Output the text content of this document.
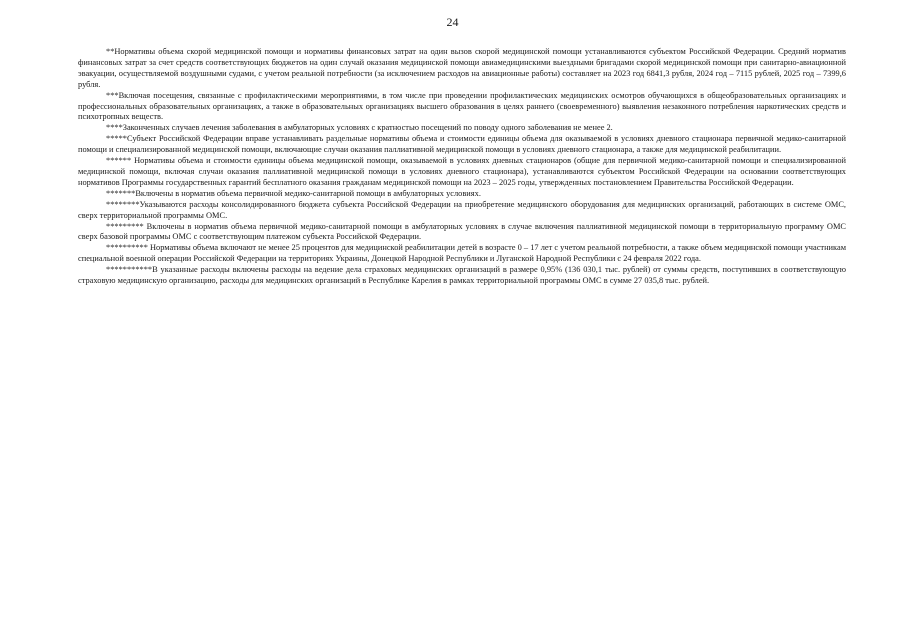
24

**Нормативы объема скорой медицинской помощи и нормативы финансовых затрат на один вызов скорой медицинской помощи устанавливаются субъектом Российской Федерации. Средний норматив финансовых затрат за счет средств соответствующих бюджетов на один случай оказания медицинской помощи авиамедицинскими выездными бригадами скорой медицинской помощи при санитарно-авиационной эвакуации, осуществляемой воздушными судами, с учетом реальной потребности (за исключением расходов на авиационные работы) составляет на 2023 год 6841,3 рубля, 2024 год – 7115 рублей, 2025 год – 7399,6 рубля.

***Включая посещения, связанные с профилактическими мероприятиями, в том числе при проведении профилактических медицинских осмотров обучающихся в общеобразовательных организациях и профессиональных образовательных организациях, а также в образовательных организациях высшего образования в целях раннего (своевременного) выявления незаконного потребления наркотических средств и психотропных веществ.

****Законченных случаев лечения заболевания в амбулаторных условиях с кратностью посещений по поводу одного заболевания не менее 2.

*****Субъект Российской Федерации вправе устанавливать раздельные нормативы объема и стоимости единицы объема для оказываемой в условиях дневного стационара первичной медико-санитарной помощи и специализированной медицинской помощи, включающие случаи оказания паллиативной медицинской помощи в условиях дневного стационара, а также для медицинской реабилитации.

****** Нормативы объема и стоимости единицы объема медицинской помощи, оказываемой в условиях дневных стационаров (общие для первичной медико-санитарной помощи и специализированной медицинской помощи, включая случаи оказания паллиативной медицинской помощи в условиях дневного стационара), устанавливаются субъектом Российской Федерации на основании соответствующих нормативов Программы государственных гарантий бесплатного оказания гражданам медицинской помощи на 2023 – 2025 годы, утвержденных постановлением Правительства Российской Федерации.

*******Включены в норматив объема первичной медико-санитарной помощи в амбулаторных условиях.

********Указываются расходы консолидированного бюджета субъекта Российской Федерации на приобретение медицинского оборудования для медицинских организаций, работающих в системе ОМС, сверх территориальной программы ОМС.

********* Включены в норматив объема первичной медико-санитарной помощи в амбулаторных условиях в случае включения паллиативной медицинской помощи в территориальную программу ОМС сверх базовой программы ОМС с соответствующим платежом субъекта Российской Федерации.

********** Нормативы объема включают не менее 25 процентов для медицинской реабилитации детей в возрасте 0 – 17 лет с учетом реальной потребности, а также объем медицинской помощи участникам специальной военной операции Российской Федерации на территориях Украины, Донецкой Народной Республики и Луганской Народной Республики с 24 февраля 2022 года.

***********В указанные расходы включены расходы на ведение дела страховых медицинских организаций в размере 0,95% (136 030,1 тыс. рублей) от суммы средств, поступивших в соответствующую страховую медицинскую организацию, расходы для медицинских организаций в Республике Карелия в рамках территориальной программы ОМС в сумме 27 035,8 тыс. рублей.
